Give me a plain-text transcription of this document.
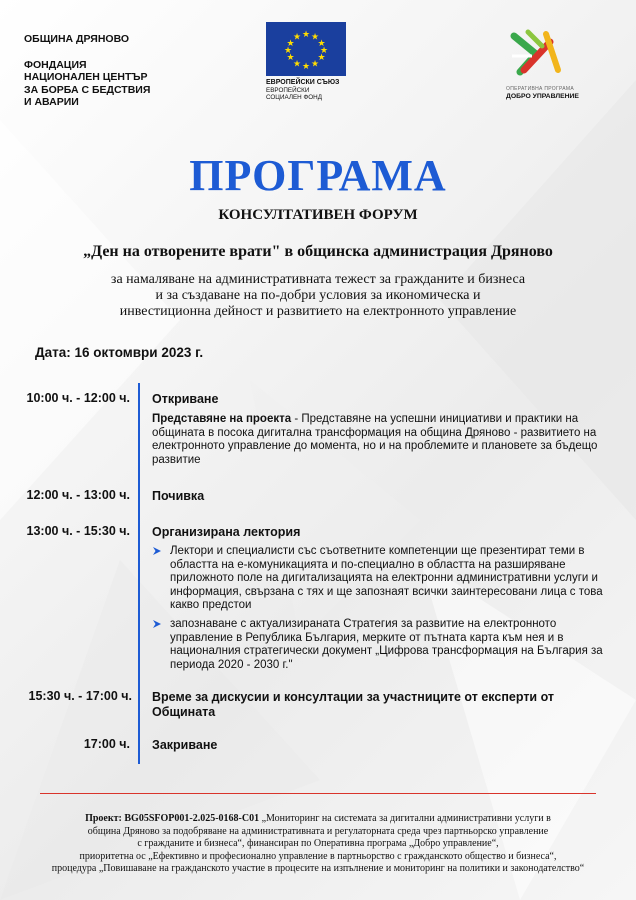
ОБЩИНА ДРЯНОВО
ФОНДАЦИЯ
НАЦИОНАЛЕН ЦЕНТЪР
ЗА БОРБА С БЕДСТВИЯ
И АВАРИИ
★ ★
★
★
★
★
★
★
★
★
★
★
ЕВРОПЕЙСКИ СЪЮЗ
ЕВРОПЕЙСКИ
СОЦИАЛЕН ФОНД
ОПЕРАТИВНА ПРОГРАМА
ДОБРО УПРАВЛЕНИЕ
ПРОГРАМА
КОНСУЛТАТИВЕН ФОРУМ
„Ден на отворените врати" в общинска администрация Дряново
за намаляване на административната тежест за гражданите и бизнеса
и за създаване на по-добри условия за икономическа и
инвестиционна дейност и развитието на електронното управление
Дата: 16 октомври 2023 г.
10:00 ч. - 12:00 ч. Откриване
Представяне на проекта - Представяне на успешни инициативи и практики на общината в посока дигитална трансформация на община Дряново - развитието на електронното управление до момента, но и на проблемите и плановете за бъдещо развитие
12:00 ч. - 13:00 ч. Почивка
13:00 ч. - 15:30 ч. Организирана лектория
Лектори и специалисти със съответните компетенции ще презентират теми в областта на е-комуникацията и по-специално в областта на разширяване приложното поле на дигитализацията на електронни административни услуги и информация, свързана с тях и ще запознаят всички заинтересовани лица с това какво предстои
запознаване с актуализираната Стратегия за развитие на електронното управление в Република България, мерките от пътната карта към нея и в националния стратегически документ „Цифрова трансформация на България за периода 2020 - 2030 г."
15:30 ч. - 17:00 ч. Време за дискусии и консултации за участниците от експерти от Общината
17:00 ч. Закриване
Проект: BG05SFOP001-2.025-0168-C01 „Мониторинг на системата за дигитални административни услуги в
община Дряново за подобряване на административната и регулаторната среда чрез партньорско управление
с гражданите и бизнеса“, финансиран по Оперативна програма „Добро управление“,
приоритетна ос „Ефективно и професионално управление в партньорство с гражданското общество и бизнеса“,
процедура „Повишаване на гражданското участие в процесите на изпълнение и мониторинг на политики и законодателство“
